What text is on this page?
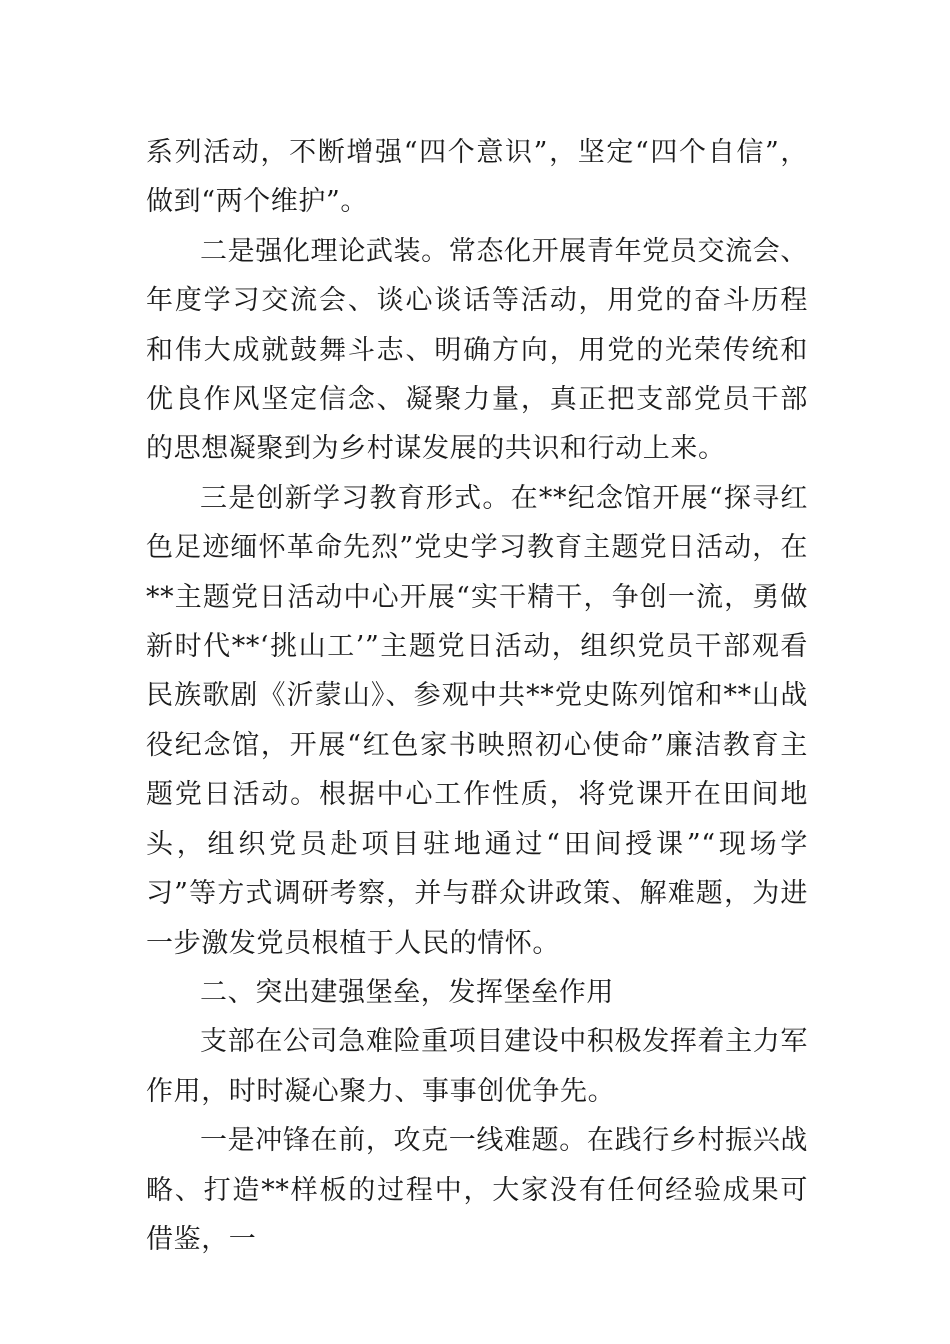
系列活动，不断增强“四个意识”，坚定“四个自信”，做到“两个维护”。

二是强化理论武装。常态化开展青年党员交流会、年度学习交流会、谈心谈话等活动，用党的奋斗历程和伟大成就鼓舞斗志、明确方向，用党的光荣传统和优良作风坚定信念、凝聚力量，真正把支部党员干部的思想凝聚到为乡村谋发展的共识和行动上来。

三是创新学习教育形式。在**纪念馆开展“探寻红色足迹缅怀革命先烈”党史学习教育主题党日活动，在**主题党日活动中心开展“实干精干，争创一流，勇做新时代**‘挑山工’”主题党日活动，组织党员干部观看民族歌剧《沂蒙山》、参观中共**党史陈列馆和**山战役纪念馆，开展“红色家书映照初心使命”廉洁教育主题党日活动。根据中心工作性质，将党课开在田间地头，组织党员赴项目驻地通过“田间授课”“现场学习”等方式调研考察，并与群众讲政策、解难题，为进一步激发党员根植于人民的情怀。

二、突出建强堡垒，发挥堡垒作用

支部在公司急难险重项目建设中积极发挥着主力军作用，时时凝心聚力、事事创优争先。

一是冲锋在前，攻克一线难题。在践行乡村振兴战略、打造**样板的过程中，大家没有任何经验成果可借鉴，一
